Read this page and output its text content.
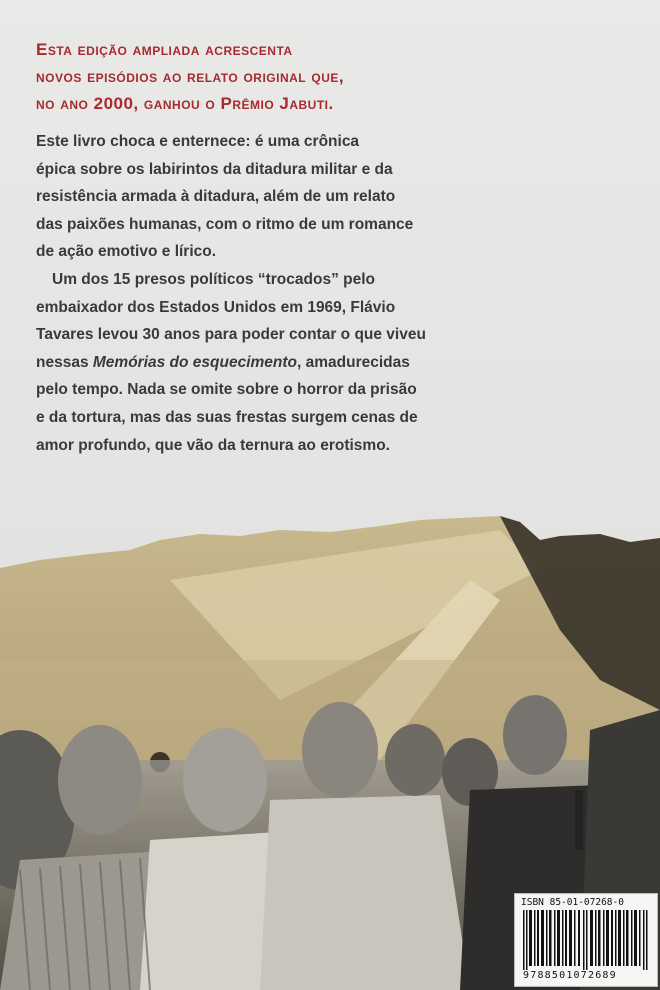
Esta edição ampliada acrescenta
novos episódios ao relato original que,
no ano 2000, ganhou o Prêmio Jabuti.
Este livro choca e enternece: é uma crônica
épica sobre os labirintos da ditadura militar e da
resistência armada à ditadura, além de um relato
das paixões humanas, com o ritmo de um romance
de ação emotivo e lírico.
Um dos 15 presos políticos “trocados” pelo
embaixador dos Estados Unidos em 1969, Flávio
Tavares levou 30 anos para poder contar o que viveu
nessas Memórias do esquecimento, amadurecidas
pelo tempo. Nada se omite sobre o horror da prisão
e da tortura, mas das suas frestas surgem cenas de
amor profundo, que vão da ternura ao erotismo.
ISBN 85-01-07268-0
9788501072689
